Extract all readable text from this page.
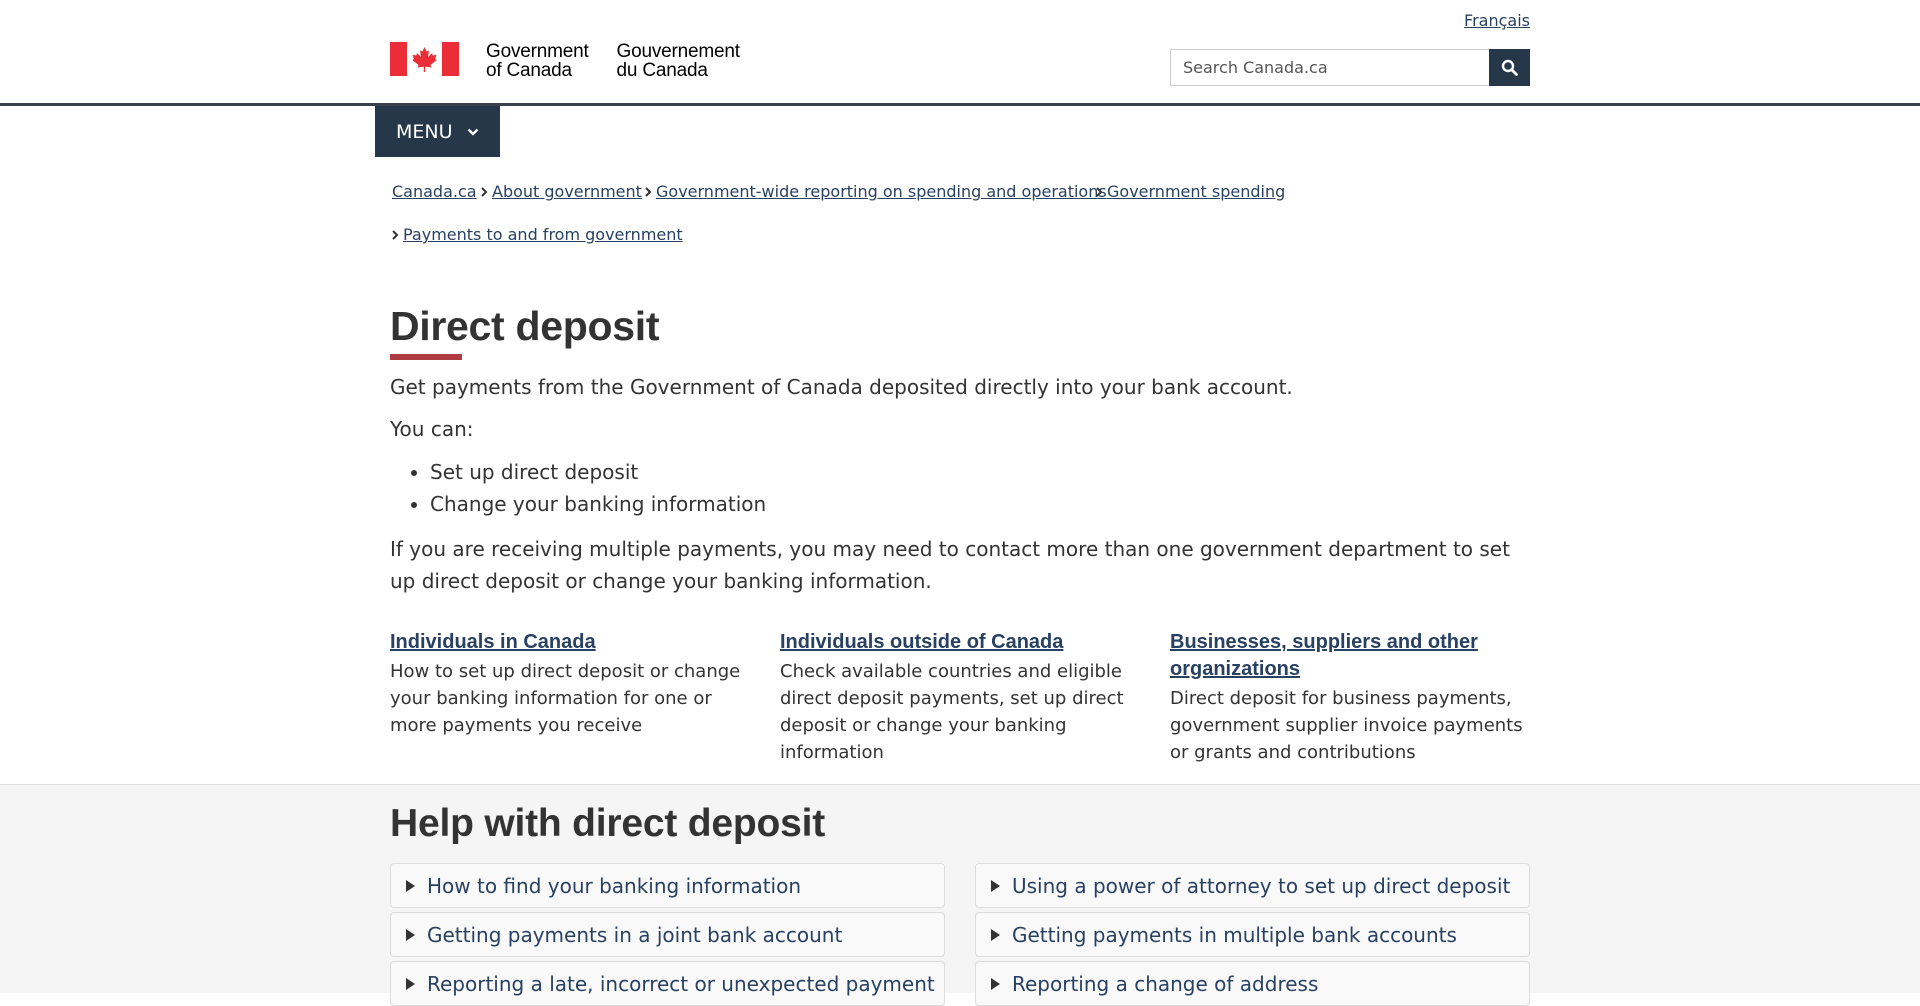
Français
Government
of Canada
Gouvernement
du Canada
Search Canada.ca
MENU
Canada.ca About government Government-wide reporting on spending and operations Government spending
Payments to and from government
Direct deposit

Get payments from the Government of Canada deposited directly into your bank account.

You can:

• Set up direct deposit
• Change your banking information

If you are receiving multiple payments, you may need to contact more than one government department to set up direct deposit or change your banking information.

Individuals in Canada

How to set up direct deposit or change your banking information for one or more payments you receive

Individuals outside of Canada

Check available countries and eligible direct deposit payments, set up direct deposit or change your banking information

Businesses, suppliers and other organizations

Direct deposit for business payments, government supplier invoice payments or grants and contributions

Help with direct deposit
How to find your banking information	Using a power of attorney to set up direct deposit
Getting payments in a joint bank account	Getting payments in multiple bank accounts
Reporting a late, incorrect or unexpected payment	Reporting a change of address
